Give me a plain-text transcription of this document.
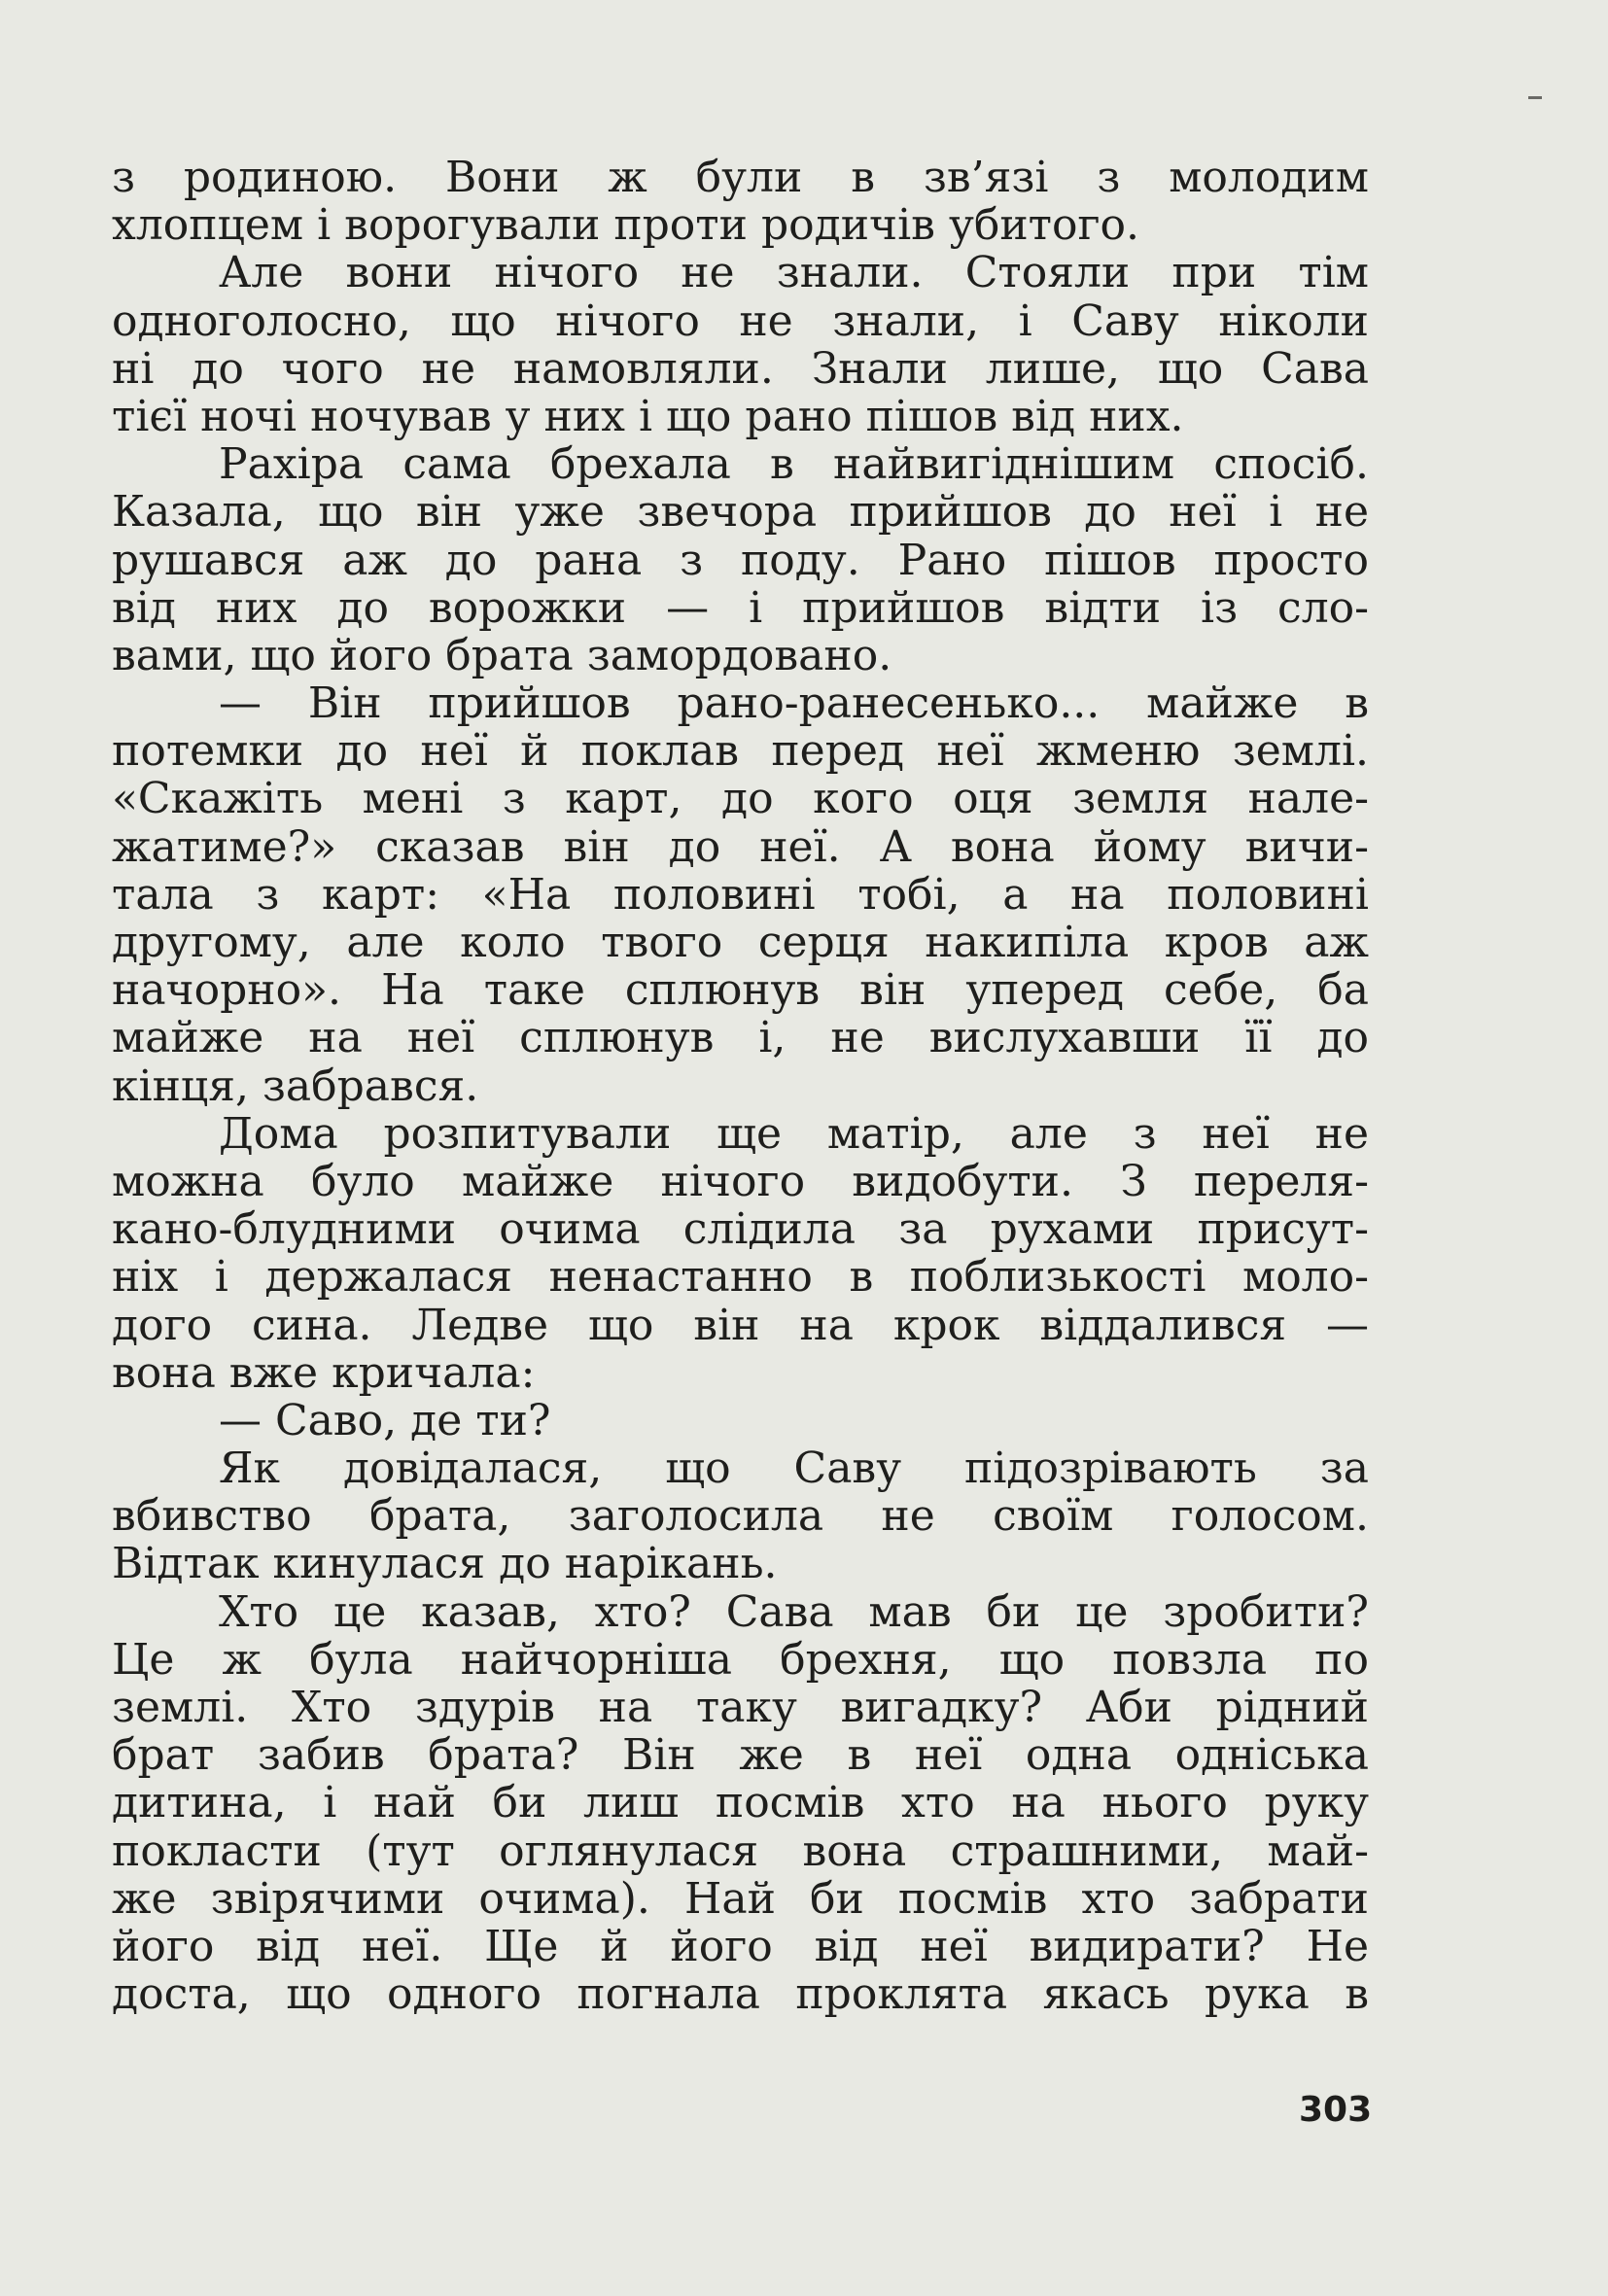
з родиною. Вони ж були в зв’язі з молодим
хлопцем і ворогували проти родичів убитого.
Але вони нічого не знали. Стояли при тім
одноголосно, що нічого не знали, і Саву ніколи
ні до чого не намовляли. Знали лише, що Сава
тієї ночі ночував у них і що рано пішов від них.
Рахіра сама брехала в найвигіднішим спосіб.
Казала, що він уже звечора прийшов до неї і не
рушався аж до рана з поду. Рано пішов просто
від них до ворожки — і прийшов відти із сло-
вами, що його брата замордовано.
— Він прийшов рано-ранесенько... майже в
потемки до неї й поклав перед неї жменю землі.
«Скажіть мені з карт, до кого оця земля нале-
жатиме?» сказав він до неї. А вона йому вичи-
тала з карт: «На половині тобі, а на половині
другому, але коло твого серця накипіла кров аж
начорно». На таке сплюнув він уперед себе, ба
майже на неї сплюнув і, не вислухавши її до
кінця, забрався.
Дома розпитували ще матір, але з неї не
можна було майже нічого видобути. З переля-
кано-блудними очима слідила за рухами присут-
ніх і держалася ненастанно в поблизькості моло-
дого сина. Ледве що він на крок віддалився —
вона вже кричала:
— Саво, де ти?
Як довідалася, що Саву підозрівають за
вбивство брата, заголосила не своїм голосом.
Відтак кинулася до нарікань.
Хто це казав, хто? Сава мав би це зробити?
Це ж була найчорніша брехня, що повзла по
землі. Хто здурів на таку вигадку? Аби рідний
брат забив брата? Він же в неї одна одніська
дитина, і най би лиш посмів хто на нього руку
покласти (тут оглянулася вона страшними, май-
же звірячими очима). Най би посмів хто забрати
його від неї. Ще й його від неї видирати? Не
доста, що одного погнала проклята якась рука в
303
